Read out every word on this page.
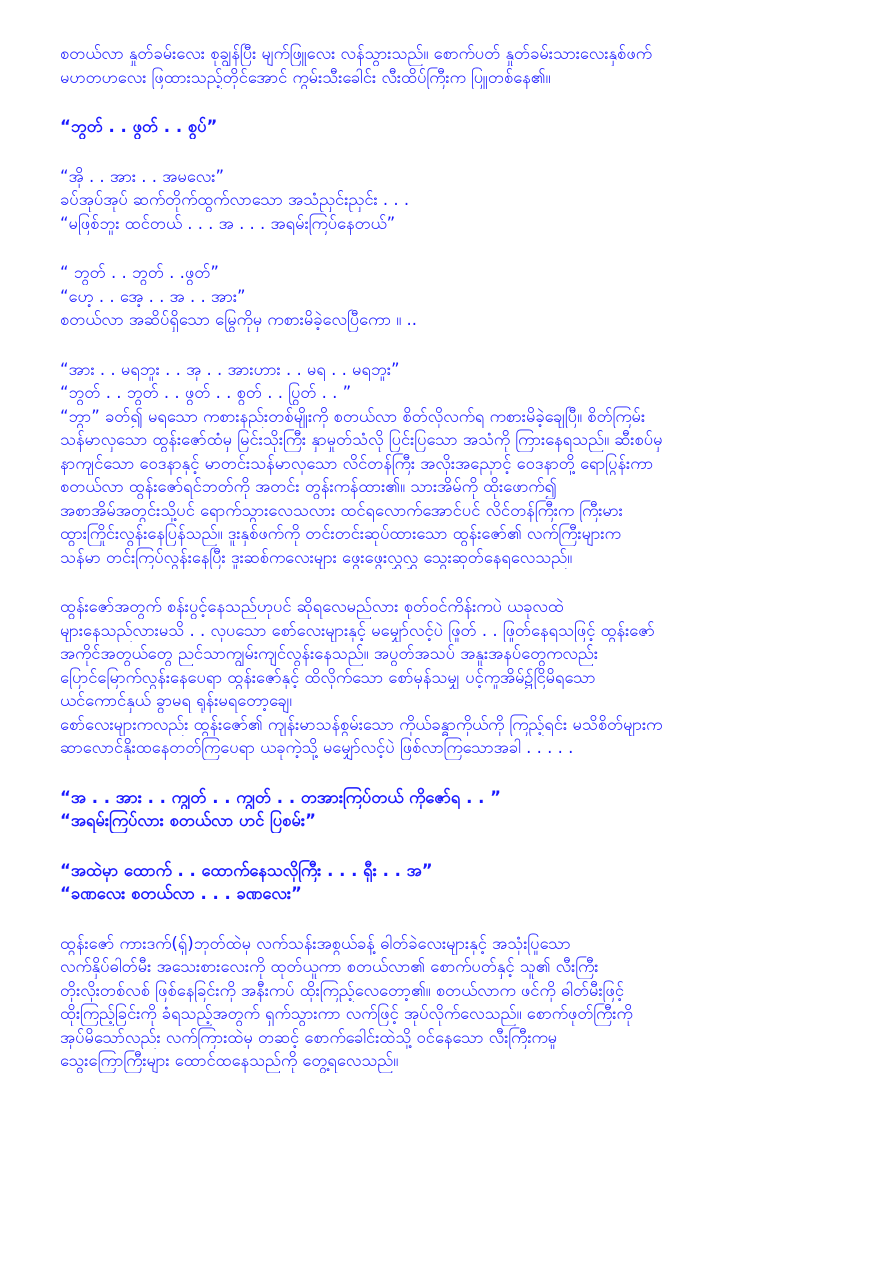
စတယ်လာ နှုတ်ခမ်းလေး စုချွန်ပြီး မျက်ဖြူလေး လန်သွားသည်။ စောက်ပတ် နှုတ်ခမ်းသားလေးနှစ်ဖက်
မဟတဟလေး ဖြထားသည့်တိုင်အောင် ကွမ်းသီးခေါင်း လီးထိပ်ကြီးက ပြူတစ်နေ၏။
“ဘွတ် . . ဖွတ် . . စွပ်”
“အို . . အား . . အမလေး”
ခပ်အုပ်အုပ် ဆက်တိုက်ထွက်လာသော အသံညှင်းညှင်း . . .
“မဖြစ်ဘူး ထင်တယ် . . . အ . . . အရမ်းကြပ်နေတယ်”
“ ဘွတ် . . ဘွတ် . .ဖွတ်”
“ဟေ့ . . အေ့ . . အ . . အား”
စတယ်လာ အဆိပ်ရှိသော မြွေကိုမှ ကစားမိခဲ့လေပြီကော ။ ..
“အား . . မရဘူး . . အု . . အားဟား . . မရ . . မရဘူး”
“ဘွတ် . . ဘွတ် . . ဖွတ် . . စွတ် . . ပြွတ် . . ”
“ဘွာ” ခတ်၍ မရသော ကစားနည်းတစ်မျိုးကို စတယ်လာ စိတ်လိုလက်ရ ကစားမိခဲ့ချေပြီ။ စိတ်ကြမ်း
သန်မာလှသော ထွန်းဇော်ထံမှ မြင်းသိုးကြီး နှာမှုတ်သံလို ပြင်းပြသော အသံကို ကြားနေရသည်။ ဆီးစပ်မှ
နာကျင်သော ဝေဒနာနှင့် မာတင်းသန်မာလှသော လိင်တန်ကြီး အလိုးအညှောင့် ဝေဒနာတို့ ရောပြွန်းကာ
စတယ်လာ ထွန်းဇော်ရင်ဘတ်ကို အတင်း တွန်းကန်ထား၏။ သားအိမ်ကို ထိုးဖောက်၍
အစာအိမ်အတွင်းသို့ပင် ရောက်သွားလေသလား ထင်ရလောက်အောင်ပင် လိင်တန်ကြီးက ကြီးမား
ထွားကြိုင်းလွန်းနေပြန်သည်။ ဒူးနှစ်ဖက်ကို တင်းတင်းဆုပ်ထားသော ထွန်းဇော်၏ လက်ကြီးများက
သန်မာ တင်းကြပ်လွန်းနေပြီး ဒူးဆစ်ကလေးများ ဖွေးဖွေးလွှလွှ သွေးဆုတ်နေရလေသည်။
ထွန်းဇော်အတွက် စန်းပွင့်နေသည်ဟုပင် ဆိုရလေမည်လား စုတ်ဝင်ကိန်းကပဲ ယခုလထဲ
များနေသည်လားမသိ . . လှပသော စော်လေးများနှင့် မမျှော်လင့်ပဲ ဖြုတ် . . ဖြုတ်နေရသဖြင့် ထွန်းဇော်
အကိုင်အတွယ်တွေ ညင်သာကျွမ်းကျင်လွန်းနေသည်။ အပွတ်အသပ် အနူးအနပ်တွေကလည်း
ပြောင်မြောက်လွန်းနေပေရာ ထွန်းဇော်နှင့် ထိလိုက်သော စော်မှန်သမျှ ပင့်ကူအိမ်၌ငြိမိရသော
ယင်ကောင်နှယ် ခွာမရ ရုန်းမရတော့ချေ၊
စော်လေးများကလည်း ထွန်းဇော်၏ ကျန်းမာသန်စွမ်းသော ကိုယ်ခန္ဓာကိုယ်ကို ကြည့်ရင်း မသိစိတ်များက
ဆာလောင်နိုးထနေတတ်ကြပေရာ ယခုကဲ့သို့ မမျှော်လင့်ပဲ ဖြစ်လာကြသောအခါ . . . . .
“အ . . အား . . ကျွတ် . . ကျွတ် . . တအားကြပ်တယ် ကိုဇော်ရ . . ”
“အရမ်းကြပ်လား စတယ်လာ ဟင် ပြစမ်း”
“အထဲမှာ ထောက် . . ထောက်နေသလိုကြီး . . . ရှီး . . အ”
“ခဏလေး စတယ်လာ . . . ခဏလေး”
ထွန်းဇော် ကားဒက်(ရှ်)ဘုတ်ထဲမှ လက်သန်းအစွယ်ခန့် ဓါတ်ခဲလေးများနှင့် အသုံးပြုသော
လက်နှိပ်ဓါတ်မီး အသေးစားလေးကို ထုတ်ယူကာ စတယ်လာ၏ စောက်ပတ်နှင့် သူ၏ လီးကြီး
တိုးလိုးတစ်လစ် ဖြစ်နေခြင်းကို အနီးကပ် ထိုးကြည့်လေတော့၏။ စတယ်လာက ဖင်ကို ဓါတ်မီးဖြင့်
ထိုးကြည့်ခြင်းကို ခံရသည့်အတွက် ရှက်သွားကာ လက်ဖြင့် အုပ်လိုက်လေသည်။ စောက်ဖုတ်ကြီးကို
အုပ်မိသော်လည်း လက်ကြားထဲမှ တဆင့် စောက်ခေါင်းထဲသို့ ဝင်နေသော လီးကြီးကမူ
သွေးကြောကြီးများ ထောင်ထနေသည်ကို တွေ့ရလေသည်။
